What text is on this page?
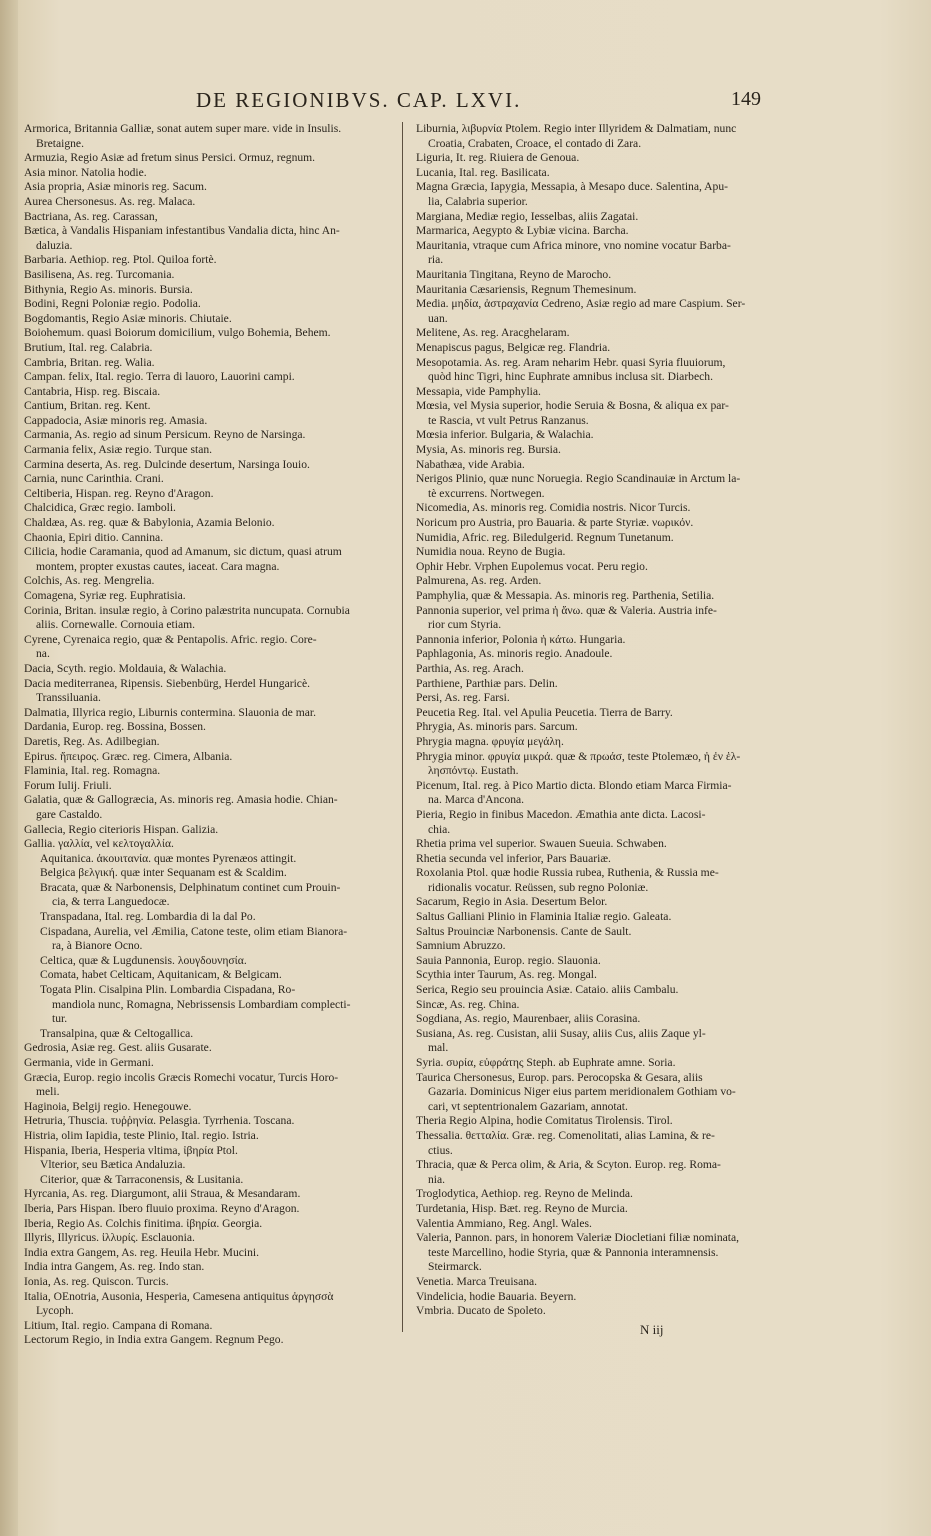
DE REGIONIBVS. CAP. LXVI.	149
Armorica, Britannia Galliæ, sonat autem super mare. vide in Insulis.
Bretaigne.
Armuzia, Regio Asiæ ad fretum sinus Persici. Ormuz, regnum.
Asia minor. Natolia hodie.
Asia propria, Asiæ minoris reg. Sacum.
Aurea Chersonesus. As. reg. Malaca.
Bactriana, As. reg. Carassan,
Bætica, à Vandalis Hispaniam infestantibus Vandalia dicta, hinc An-
daluzia.
Barbaria. Aethiop. reg. Ptol. Quiloa fortè.
Basilisena, As. reg. Turcomania.
Bithynia, Regio As. minoris. Bursia.
Bodini, Regni Poloniæ regio. Podolia.
Bogdomantis, Regio Asiæ minoris. Chiutaie.
Boiohemum. quasi Boiorum domicilium, vulgo Bohemia, Behem.
Brutium, Ital. reg. Calabria.
Cambria, Britan. reg. Walia.
Campan. felix, Ital. regio. Terra di lauoro, Lauorini campi.
Cantabria, Hisp. reg. Biscaia.
Cantium, Britan. reg. Kent.
Cappadocia, Asiæ minoris reg. Amasia.
Carmania, As. regio ad sinum Persicum. Reyno de Narsinga.
Carmania felix, Asiæ regio. Turque stan.
Carmina deserta, As. reg. Dulcinde desertum, Narsinga Iouio.
Carnia, nunc Carinthia. Crani.
Celtiberia, Hispan. reg. Reyno d'Aragon.
Chalcidica, Græc regio. Iamboli.
Chaldæa, As. reg. quæ & Babylonia, Azamia Belonio.
Chaonia, Epiri ditio. Cannina.
Cilicia, hodie Caramania, quod ad Amanum, sic dictum, quasi atrum
montem, propter exustas cautes, iaceat. Cara magna.
Colchis, As. reg. Mengrelia.
Comagena, Syriæ reg. Euphratisia.
Corinia, Britan. insulæ regio, à Corino palæstrita nuncupata. Cornubia
aliis. Cornewalle. Cornouia etiam.
Cyrene, Cyrenaica regio, quæ & Pentapolis. Afric. regio. Core-
na.
Dacia, Scyth. regio. Moldauia, & Walachia.
Dacia mediterranea, Ripensis. Siebenbürg, Herdel Hungaricè.
Transsiluania.
Dalmatia, Illyrica regio, Liburnis contermina. Slauonia de mar.
Dardania, Europ. reg. Bossina, Bossen.
Daretis, Reg. As. Adilbegian.
Epirus. ἤπειρος. Græc. reg. Cimera, Albania.
Flaminia, Ital. reg. Romagna.
Forum Iulij. Friuli.
Galatia, quæ & Gallogræcia, As. minoris reg. Amasia hodie. Chian-
gare Castaldo.
Gallecia, Regio citerioris Hispan. Galizia.
Gallia. γαλλία, vel κελτογαλλία.
Aquitanica. ἀκουιτανία. quæ montes Pyrenæos attingit.
Belgica βελγική. quæ inter Sequanam est & Scaldim.
Bracata, quæ & Narbonensis, Delphinatum continet cum Prouin-
cia, & terra Languedocæ.
Transpadana, Ital. reg. Lombardia di la dal Po.
Cispadana, Aurelia, vel Æmilia, Catone teste, olim etiam Bianora-
ra, à Bianore Ocno.
Celtica, quæ & Lugdunensis. λουγδουνησία.
Comata, habet Celticam, Aquitanicam, & Belgicam.
Togata Plin. Cisalpina Plin. Lombardia Cispadana, Ro-
mandiola nunc, Romagna, Nebrissensis Lombardiam complecti-
tur.
Transalpina, quæ & Celtogallica.
Gedrosia, Asiæ reg. Gest. aliis Gusarate.
Germania, vide in Germani.
Græcia, Europ. regio incolis Græcis Romechi vocatur, Turcis Horo-
meli.
Haginoia, Belgij regio. Henegouwe.
Hetruria, Thuscia. τυῤῥηνία. Pelasgia. Tyrrhenia. Toscana.
Histria, olim Iapidia, teste Plinio, Ital. regio. Istria.
Hispania, Iberia, Hesperia vltima, ἰβηρία Ptol.
Vlterior, seu Bætica Andaluzia.
Citerior, quæ & Tarraconensis, & Lusitania.
Hyrcania, As. reg. Diargumont, alii Straua, & Mesandaram.
Iberia, Pars Hispan. Ibero fluuio proxima. Reyno d'Aragon.
Iberia, Regio As. Colchis finitima. ἰβηρία. Georgia.
Illyris, Illyricus. ἰλλυρίς. Esclauonia.
India extra Gangem, As. reg. Heuila Hebr. Mucini.
India intra Gangem, As. reg. Indo stan.
Ionia, As. reg. Quiscon. Turcis.
Italia, OEnotria, Ausonia, Hesperia, Camesena antiquitus ἀργησσὰ
Lycoph.
Litium, Ital. regio. Campana di Romana.
Lectorum Regio, in India extra Gangem. Regnum Pego.
Liburnia, λιβυρνία Ptolem. Regio inter Illyridem & Dalmatiam, nunc
Croatia, Crabaten, Croace, el contado di Zara.
Liguria, It. reg. Riuiera de Genoua.
Lucania, Ital. reg. Basilicata.
Magna Græcia, Iapygia, Messapia, à Mesapo duce. Salentina, Apu-
lia, Calabria superior.
Margiana, Mediæ regio, Iesselbas, aliis Zagatai.
Marmarica, Aegypto & Lybiæ vicina. Barcha.
Mauritania, vtraque cum Africa minore, vno nomine vocatur Barba-
ria.
Mauritania Tingitana, Reyno de Marocho.
Mauritania Cæsariensis, Regnum Themesinum.
Media. μηδία, ἀστραχανία Cedreno, Asiæ regio ad mare Caspium. Ser-
uan.
Melitene, As. reg. Aracghelaram.
Menapiscus pagus, Belgicæ reg. Flandria.
Mesopotamia. As. reg. Aram neharim Hebr. quasi Syria fluuiorum,
quòd hinc Tigri, hinc Euphrate amnibus inclusa sit. Diarbech.
Messapia, vide Pamphylia.
Mœsia, vel Mysia superior, hodie Seruia & Bosna, & aliqua ex par-
te Rascia, vt vult Petrus Ranzanus.
Mœsia inferior. Bulgaria, & Walachia.
Mysia, As. minoris reg. Bursia.
Nabathæa, vide Arabia.
Nerigos Plinio, quæ nunc Noruegia. Regio Scandinauiæ in Arctum la-
tè excurrens. Nortwegen.
Nicomedia, As. minoris reg. Comidia nostris. Nicor Turcis.
Noricum pro Austria, pro Bauaria. & parte Styriæ. νωρικόν.
Numidia, Afric. reg. Biledulgerid. Regnum Tunetanum.
Numidia noua. Reyno de Bugia.
Ophir Hebr. Vrphen Eupolemus vocat. Peru regio.
Palmurena, As. reg. Arden.
Pamphylia, quæ & Messapia. As. minoris reg. Parthenia, Setilia.
Pannonia superior, vel prima ἡ ἄνω. quæ & Valeria. Austria infe-
rior cum Styria.
Pannonia inferior, Polonia ἡ κάτω. Hungaria.
Paphlagonia, As. minoris regio. Anadoule.
Parthia, As. reg. Arach.
Parthiene, Parthiæ pars. Delin.
Persi, As. reg. Farsi.
Peucetia Reg. Ital. vel Apulia Peucetia. Tierra de Barry.
Phrygia, As. minoris pars. Sarcum.
Phrygia magna. φρυγία μεγάλη.
Phrygia minor. φρυγία μικρά. quæ & πρωάσ, teste Ptolemæo, ἡ ἐν ἑλ-
λησπόντῳ. Eustath.
Picenum, Ital. reg. à Pico Martio dicta. Blondo etiam Marca Firmia-
na. Marca d'Ancona.
Pieria, Regio in finibus Macedon. Æmathia ante dicta. Lacosi-
chia.
Rhetia prima vel superior. Swauen Sueuia. Schwaben.
Rhetia secunda vel inferior, Pars Bauariæ.
Roxolania Ptol. quæ hodie Russia rubea, Ruthenia, & Russia me-
ridionalis vocatur. Reüssen, sub regno Poloniæ.
Sacarum, Regio in Asia. Desertum Belor.
Saltus Galliani Plinio in Flaminia Italiæ regio. Galeata.
Saltus Prouinciæ Narbonensis. Cante de Sault.
Samnium Abruzzo.
Sauia Pannonia, Europ. regio. Slauonia.
Scythia inter Taurum, As. reg. Mongal.
Serica, Regio seu prouincia Asiæ. Cataio. aliis Cambalu.
Sincæ, As. reg. China.
Sogdiana, As. regio, Maurenbaer, aliis Corasina.
Susiana, As. reg. Cusistan, alii Susay, aliis Cus, aliis Zaque yl-
mal.
Syria. συρία, εὐφράτης Steph. ab Euphrate amne. Soria.
Taurica Chersonesus, Europ. pars. Perocopska & Gesara, aliis
Gazaria. Dominicus Niger eius partem meridionalem Gothiam vo-
cari, vt septentrionalem Gazariam, annotat.
Theria Regio Alpina, hodie Comitatus Tirolensis. Tirol.
Thessalia. θετταλία. Græ. reg. Comenolitati, alias Lamina, & re-
ctius.
Thracia, quæ & Perca olim, & Aria, & Scyton. Europ. reg. Roma-
nia.
Troglodytica, Aethiop. reg. Reyno de Melinda.
Turdetania, Hisp. Bæt. reg. Reyno de Murcia.
Valentia Ammiano, Reg. Angl. Wales.
Valeria, Pannon. pars, in honorem Valeriæ Diocletiani filiæ nominata,
teste Marcellino, hodie Styria, quæ & Pannonia interamnensis.
Steirmarck.
Venetia. Marca Treuisana.
Vindelicia, hodie Bauaria. Beyern.
Vmbria. Ducato de Spoleto.
N iij
